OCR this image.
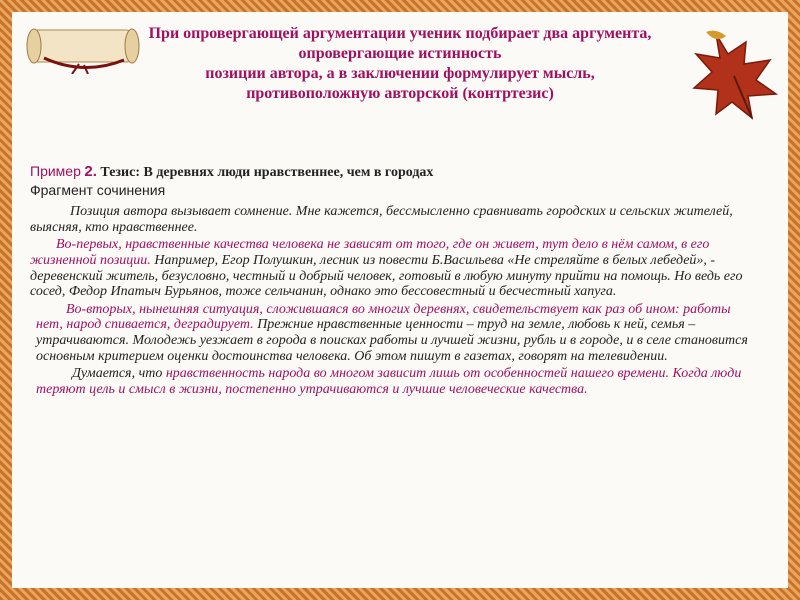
При опровергающей аргументации ученик подбирает два аргумента,
опровергающие истинность
позиции автора, а в заключении формулирует мысль,
противоположную авторской (контртезис)
Пример 2. Тезис: В деревнях люди нравственнее, чем в городах
Фрагмент сочинения

Позиция автора вызывает сомнение. Мне кажется, бессмысленно сравнивать городских и сельских жителей, выясняя, кто нравственнее.

Во-первых, нравственные качества человека не зависят от того, где он живет, тут дело в нём самом, в его жизненной позиции. Например, Егор Полушкин, лесник из повести Б.Васильева «Не стреляйте в белых лебедей», - деревенский житель, безусловно, честный и добрый человек, готовый в любую минуту прийти на помощь. Но ведь его сосед, Федор Ипатыч Бурьянов, тоже сельчанин, однако это бессовестный и бесчестный хапуга.

Во-вторых, нынешняя ситуация, сложившаяся во многих деревнях, свидетельствует как раз об ином: работы нет, народ спивается, деградирует. Прежние нравственные ценности – труд на земле, любовь к ней, семья – утрачиваются. Молодежь уезжает в города в поисках работы и лучшей жизни, рубль и в городе, и в селе становится основным критерием оценки достоинства человека. Об этом пишут в газетах, говорят на телевидении.

Думается, что нравственность народа во многом зависит лишь от особенностей нашего времени. Когда люди теряют цель и смысл в жизни, постепенно утрачиваются и лучшие человеческие качества.
